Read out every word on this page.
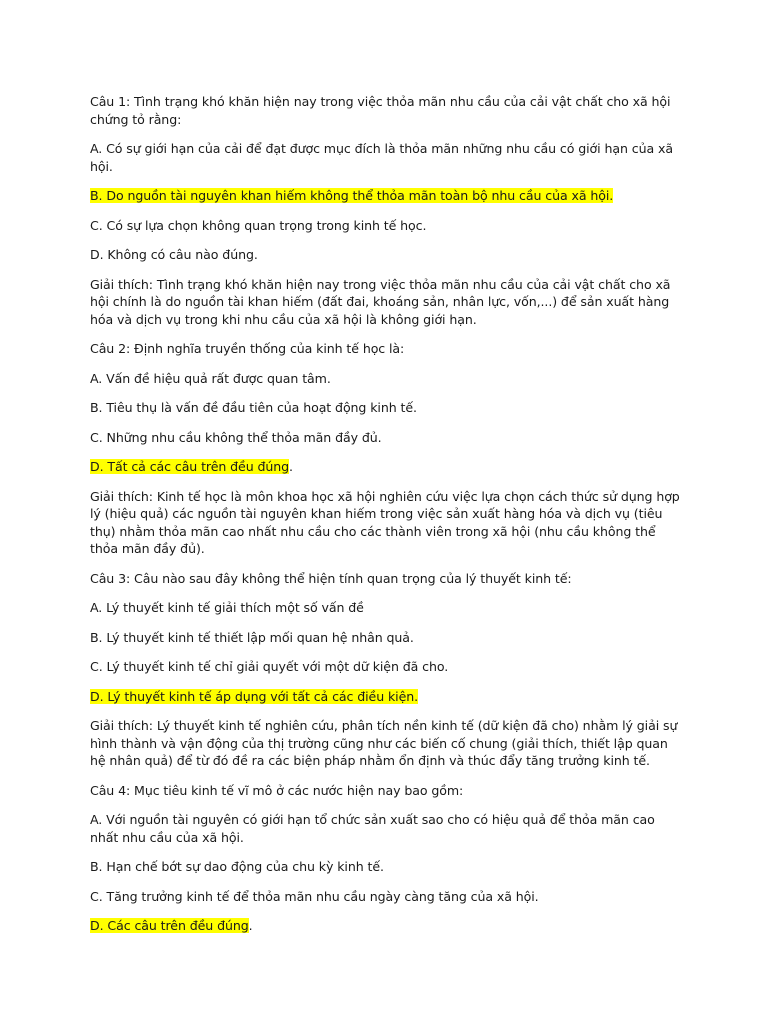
Câu 1: Tình trạng khó khăn hiện nay trong việc thỏa mãn nhu cầu của cải vật chất cho xã hội chứng tỏ rằng:

A. Có sự giới hạn của cải để đạt được mục đích là thỏa mãn những nhu cầu có giới hạn của xã hội.

B. Do nguồn tài nguyên khan hiếm không thể thỏa mãn toàn bộ nhu cầu của xã hội.

C. Có sự lựa chọn không quan trọng trong kinh tế học.

D. Không có câu nào đúng.

Giải thích: Tình trạng khó khăn hiện nay trong việc thỏa mãn nhu cầu của cải vật chất cho xã hội chính là do nguồn tài khan hiếm (đất đai, khoáng sản, nhân lực, vốn,...) để sản xuất hàng hóa và dịch vụ trong khi nhu cầu của xã hội là không giới hạn.

Câu 2: Định nghĩa truyền thống của kinh tế học là:

A. Vấn đề hiệu quả rất được quan tâm.

B. Tiêu thụ là vấn đề đầu tiên của hoạt động kinh tế.

C. Những nhu cầu không thể thỏa mãn đầy đủ.

D. Tất cả các câu trên đều đúng.

Giải thích: Kinh tế học là môn khoa học xã hội nghiên cứu việc lựa chọn cách thức sử dụng hợp lý (hiệu quả) các nguồn tài nguyên khan hiếm trong việc sản xuất hàng hóa và dịch vụ (tiêu thụ) nhằm thỏa mãn cao nhất nhu cầu cho các thành viên trong xã hội (nhu cầu không thể thỏa mãn đầy đủ).

Câu 3: Câu nào sau đây không thể hiện tính quan trọng của lý thuyết kinh tế:

A. Lý thuyết kinh tế giải thích một số vấn đề

B. Lý thuyết kinh tế thiết lập mối quan hệ nhân quả.

C. Lý thuyết kinh tế chỉ giải quyết với một dữ kiện đã cho.

D. Lý thuyết kinh tế áp dụng với tất cả các điều kiện.

Giải thích: Lý thuyết kinh tế nghiên cứu, phân tích nền kinh tế (dữ kiện đã cho) nhằm lý giải sự hình thành và vận động của thị trường cũng như các biến cố chung (giải thích, thiết lập quan hệ nhân quả) để từ đó đề ra các biện pháp nhằm ổn định và thúc đẩy tăng trưởng kinh tế.

Câu 4: Mục tiêu kinh tế vĩ mô ở các nước hiện nay bao gồm:

A. Với nguồn tài nguyên có giới hạn tổ chức sản xuất sao cho có hiệu quả để thỏa mãn cao nhất nhu cầu của xã hội.

B. Hạn chế bớt sự dao động của chu kỳ kinh tế.

C. Tăng trưởng kinh tế để thỏa mãn nhu cầu ngày càng tăng của xã hội.

D. Các câu trên đều đúng.
